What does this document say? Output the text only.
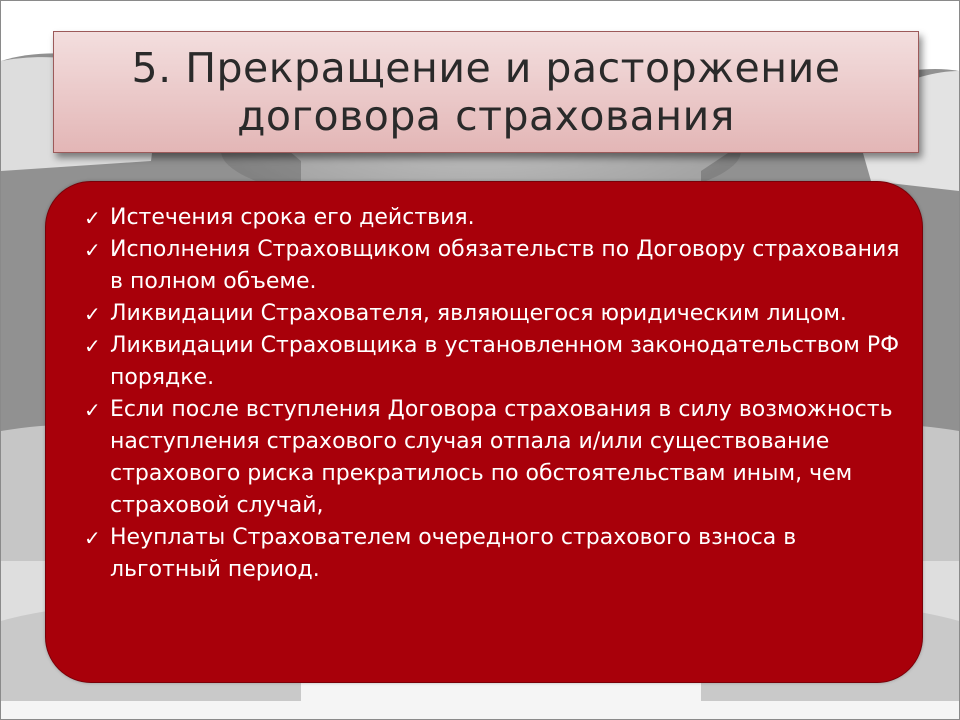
5. Прекращение и расторжение
договора страхования
✓ Истечения срока его действия.
✓ Исполнения Страховщиком обязательств по Договору страхования в полном объеме.
✓ Ликвидации Страхователя, являющегося юридическим лицом.
✓ Ликвидации Страховщика в установленном законодательством РФ порядке.
✓ Если после вступления Договора страхования в силу возможность наступления страхового случая отпала и/или существование страхового риска прекратилось по обстоятельствам иным, чем страховой случай,
✓ Неуплаты Страхователем очередного страхового взноса в льготный период.
